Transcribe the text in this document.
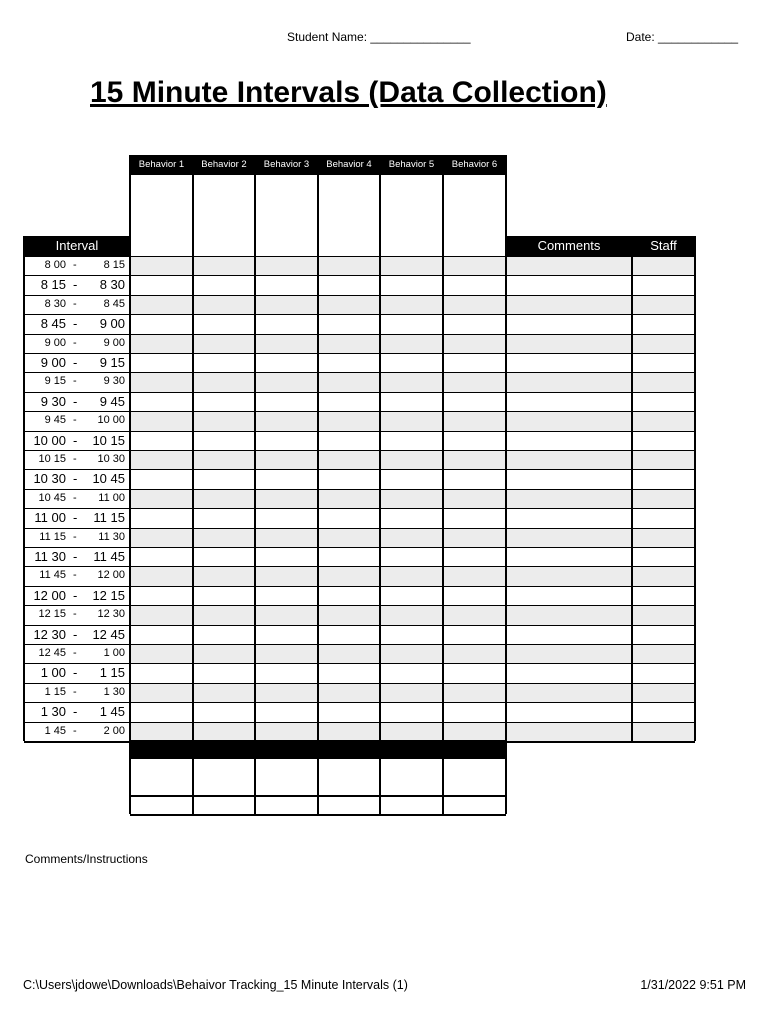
Student Name: _______________	Date: ____________
15 Minute Intervals (Data Collection)
Behavior 1	Behavior 2	Behavior 3	Behavior 4	Behavior 5	Behavior 6
Interval	Comments	Staff
8 00 -	8 15
8 15 -	8 30
8 30 -	8 45
8 45 -	9 00
9 00 -	9 00
9 00 -	9 15
9 15 -	9 30
9 30 -	9 45
9 45 -	10 00
10 00 -	10 15
10 15 -	10 30
10 30 -	10 45
10 45 -	11 00
11 00 -	11 15
11 15 -	11 30
11 30 -	11 45
11 45 -	12 00
12 00 -	12 15
12 15 -	12 30
12 30 -	12 45
12 45 -	1 00
1 00 -	1 15
1 15 -	1 30
1 30 -	1 45
1 45 -	2 00
Comments/Instructions
C:\Users\jdowe\Downloads\Behaivor Tracking_15 Minute Intervals (1)	1/31/2022 9:51 PM
